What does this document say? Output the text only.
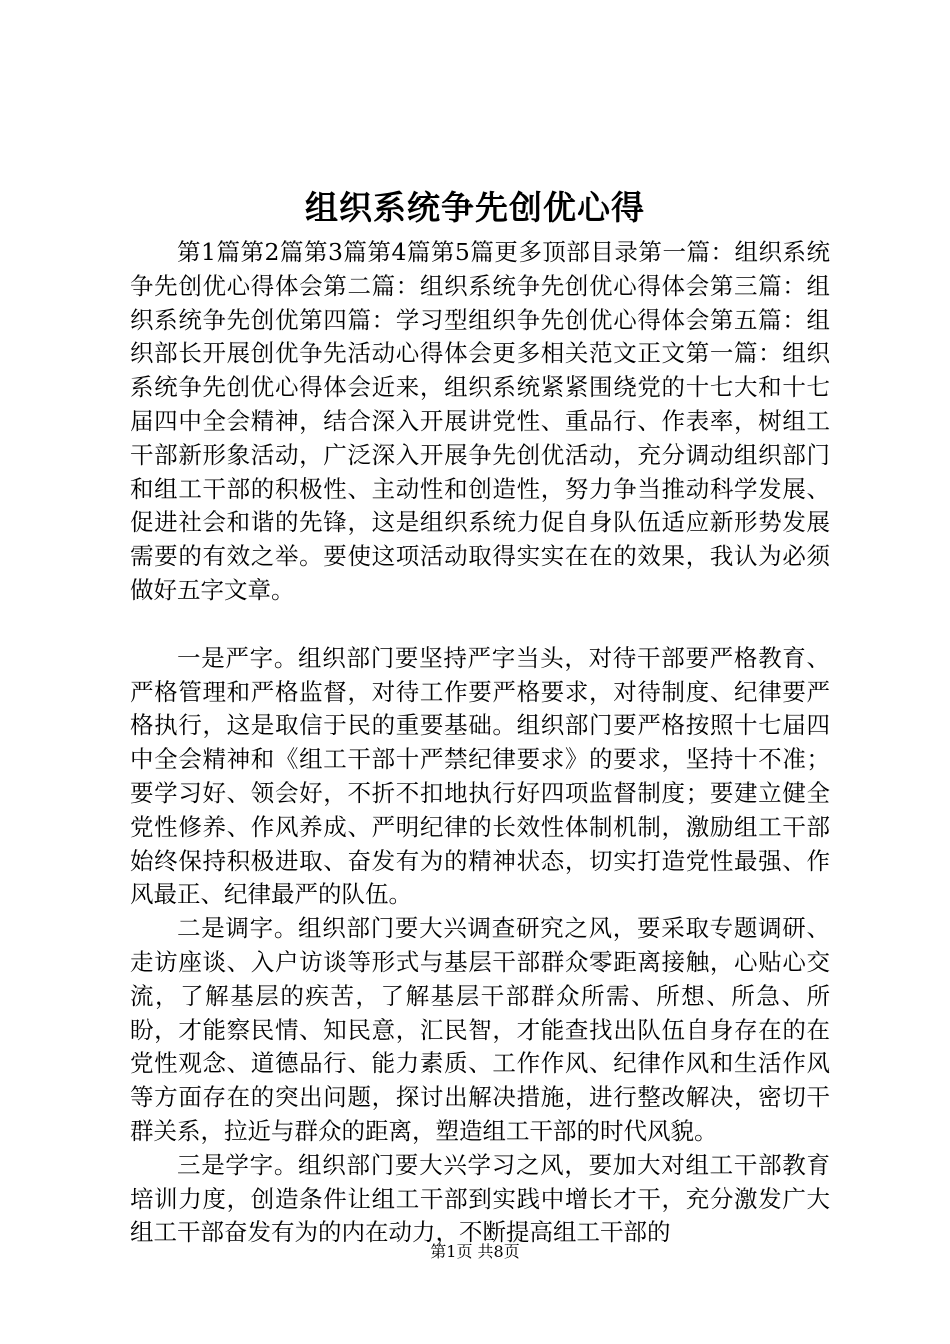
组织系统争先创优心得

第1篇第2篇第3篇第4篇第5篇更多顶部目录第一篇：组织系统争先创优心得体会第二篇：组织系统争先创优心得体会第三篇：组织系统争先创优第四篇：学习型组织争先创优心得体会第五篇：组织部长开展创优争先活动心得体会更多相关范文正文第一篇：组织系统争先创优心得体会近来，组织系统紧紧围绕党的十七大和十七届四中全会精神，结合深入开展讲党性、重品行、作表率，树组工干部新形象活动，广泛深入开展争先创优活动，充分调动组织部门和组工干部的积极性、主动性和创造性，努力争当推动科学发展、促进社会和谐的先锋，这是组织系统力促自身队伍适应新形势发展需要的有效之举。要使这项活动取得实实在在的效果，我认为必须做好五字文章。

一是严字。组织部门要坚持严字当头，对待干部要严格教育、严格管理和严格监督，对待工作要严格要求，对待制度、纪律要严格执行，这是取信于民的重要基础。组织部门要严格按照十七届四中全会精神和《组工干部十严禁纪律要求》的要求，坚持十不准；要学习好、领会好，不折不扣地执行好四项监督制度；要建立健全党性修养、作风养成、严明纪律的长效性体制机制，激励组工干部始终保持积极进取、奋发有为的精神状态，切实打造党性最强、作风最正、纪律最严的队伍。

二是调字。组织部门要大兴调查研究之风，要采取专题调研、走访座谈、入户访谈等形式与基层干部群众零距离接触，心贴心交流，了解基层的疾苦，了解基层干部群众所需、所想、所急、所盼，才能察民情、知民意，汇民智，才能查找出队伍自身存在的在党性观念、道德品行、能力素质、工作作风、纪律作风和生活作风等方面存在的突出问题，探讨出解决措施，进行整改解决，密切干群关系，拉近与群众的距离，塑造组工干部的时代风貌。

三是学字。组织部门要大兴学习之风，要加大对组工干部教育培训力度，创造条件让组工干部到实践中增长才干，充分激发广大组工干部奋发有为的内在动力，不断提高组工干部的

第1页 共8页
